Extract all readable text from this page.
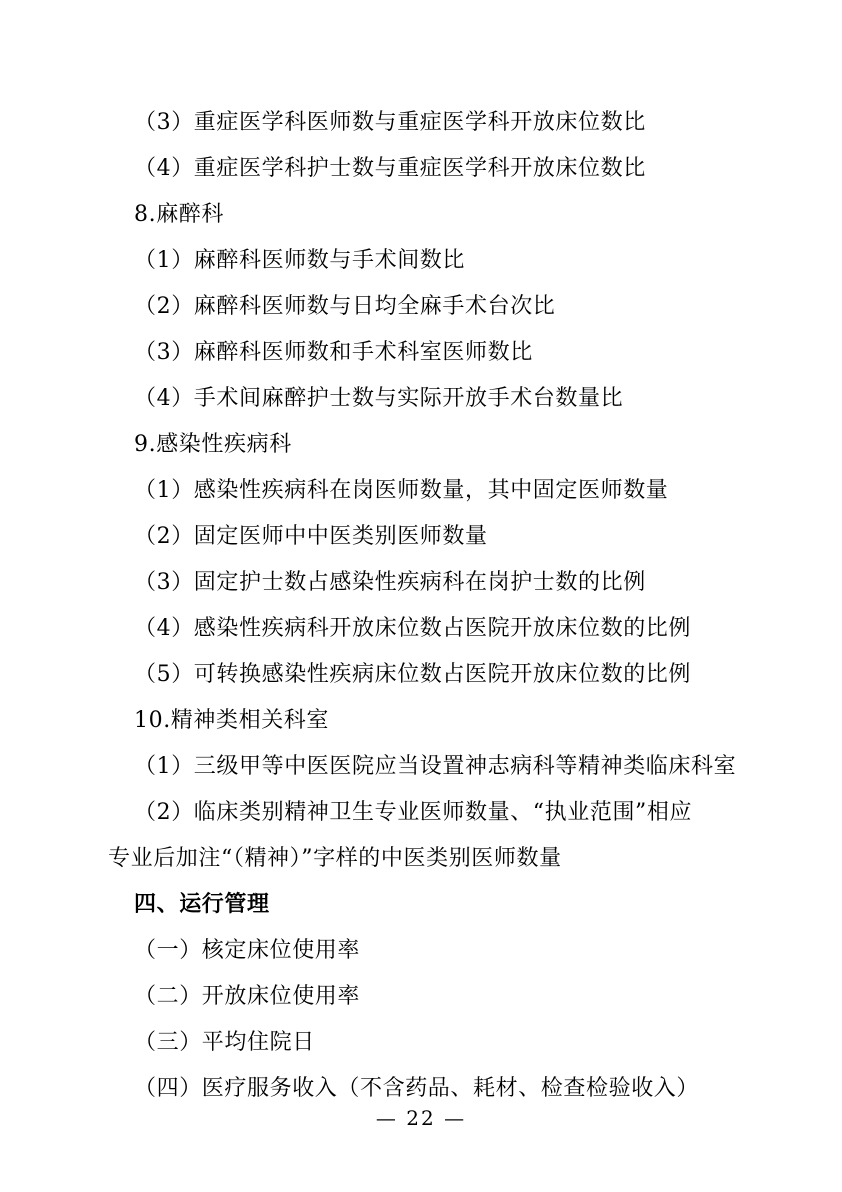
（3）重症医学科医师数与重症医学科开放床位数比
（4）重症医学科护士数与重症医学科开放床位数比
8.麻醉科
（1）麻醉科医师数与手术间数比
（2）麻醉科医师数与日均全麻手术台次比
（3）麻醉科医师数和手术科室医师数比
（4）手术间麻醉护士数与实际开放手术台数量比
9.感染性疾病科
（1）感染性疾病科在岗医师数量，其中固定医师数量
（2）固定医师中中医类别医师数量
（3）固定护士数占感染性疾病科在岗护士数的比例
（4）感染性疾病科开放床位数占医院开放床位数的比例
（5）可转换感染性疾病床位数占医院开放床位数的比例
10.精神类相关科室
（1）三级甲等中医医院应当设置神志病科等精神类临床科室
（2）临床类别精神卫生专业医师数量、“执业范围”相应
专业后加注“（精神）”字样的中医类别医师数量
四、运行管理
（一）核定床位使用率
（二）开放床位使用率
（三）平均住院日
（四）医疗服务收入（不含药品、耗材、检查检验收入）
— 22 —
